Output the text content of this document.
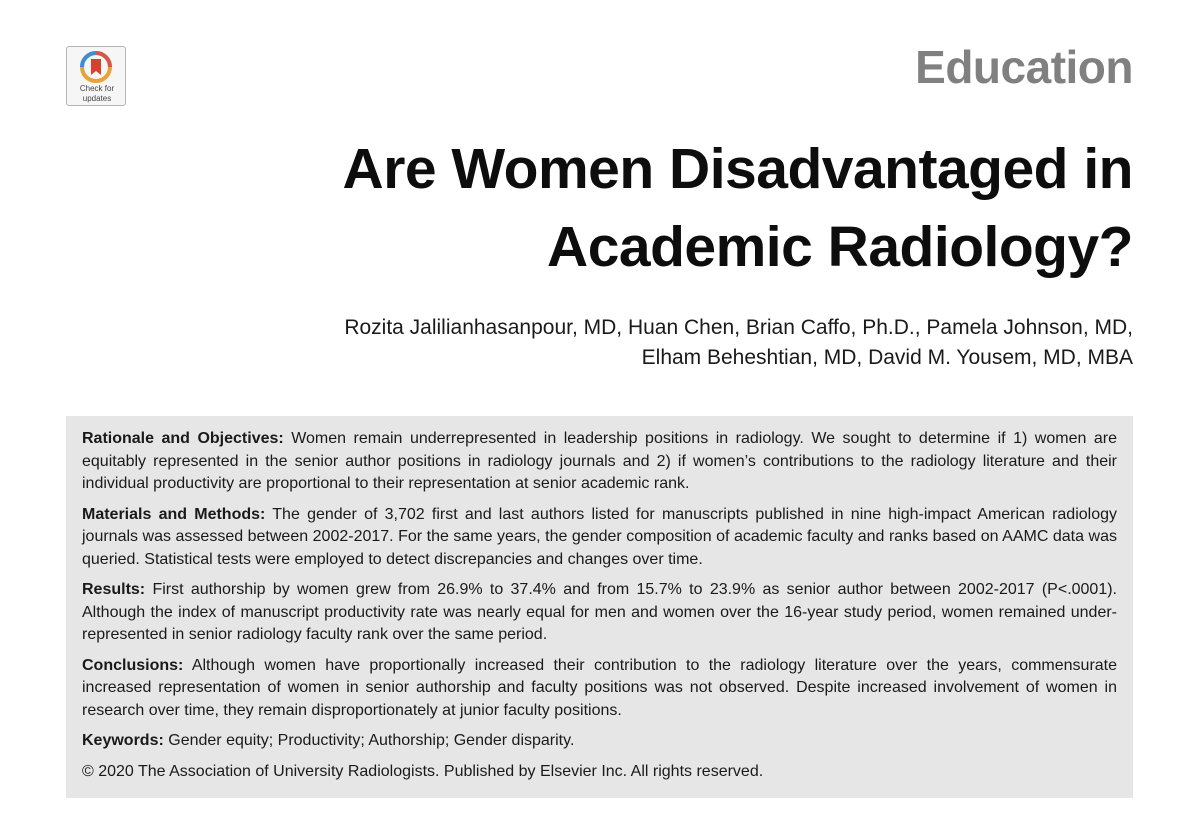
Check for
updates
Education
Are Women Disadvantaged in
Academic Radiology?
Rozita Jalilianhasanpour, MD, Huan Chen, Brian Caffo, Ph.D., Pamela Johnson, MD,
Elham Beheshtian, MD, David M. Yousem, MD, MBA

Rationale and Objectives: Women remain underrepresented in leadership positions in radiology. We sought to determine if 1) women are equitably represented in the senior author positions in radiology journals and 2) if women’s contributions to the radiology literature and their individual productivity are proportional to their representation at senior academic rank.

Materials and Methods: The gender of 3,702 first and last authors listed for manuscripts published in nine high-impact American radiology journals was assessed between 2002-2017. For the same years, the gender composition of academic faculty and ranks based on AAMC data was queried. Statistical tests were employed to detect discrepancies and changes over time.

Results: First authorship by women grew from 26.9% to 37.4% and from 15.7% to 23.9% as senior author between 2002-2017 (P<.0001). Although the index of manuscript productivity rate was nearly equal for men and women over the 16-year study period, women remained under-represented in senior radiology faculty rank over the same period.

Conclusions: Although women have proportionally increased their contribution to the radiology literature over the years, commensurate increased representation of women in senior authorship and faculty positions was not observed. Despite increased involvement of women in research over time, they remain disproportionately at junior faculty positions.

Keywords: Gender equity; Productivity; Authorship; Gender disparity.

© 2020 The Association of University Radiologists. Published by Elsevier Inc. All rights reserved.
